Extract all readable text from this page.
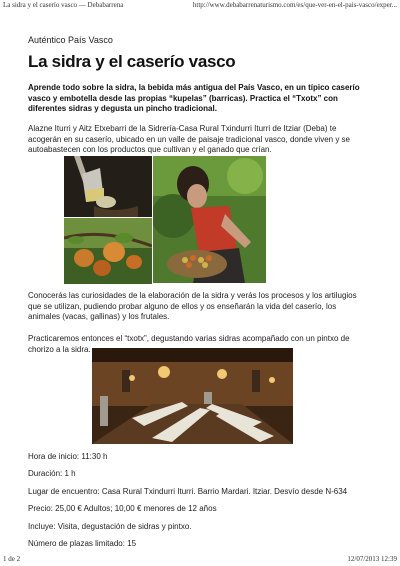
La sidra y el caserío vasco — Debabarrena	http://www.debabarrenaturismo.com/es/que-ver-en-el-pais-vasco/exper...
Auténtico País Vasco
La sidra y el caserío vasco

Aprende todo sobre la sidra, la bebida más antigua del País Vasco, en un típico caserío vasco y embotella desde las propias “kupelas” (barricas). Practica el “Txotx” con diferentes sidras y degusta un pincho tradicional.

Alazne Iturri y Aitz Etxebarri de la Sidrería-Casa Rural Txindurri Iturri de Itziar (Deba) te acogerán en su caserío, ubicado en un valle de paisaje tradicional vasco, donde viven y se autoabastecen con los productos que cultivan y el ganado que crían.

Conocerás las curiosidades de la elaboración de la sidra y verás los procesos y los artilugios que se utilizan, pudiendo probar alguno de ellos y os enseñarán la vida del caserío, los animales (vacas, gallinas) y los frutales.

Practicaremos entonces el “txotx”, degustando varias sidras acompañado con un pintxo de chorizo a la sidra.

Hora de inicio: 11:30 h

Duración: 1 h

Lugar de encuentro: Casa Rural Txindurri Iturri. Barrio Mardari. Itziar. Desvío desde N-634

Precio: 25,00 € Adultos; 10,00 € menores de 12 años

Incluye: Visita, degustación de sidras y pintxo.

Número de plazas limitado: 15

1 de 2	12/07/2013 12:39
